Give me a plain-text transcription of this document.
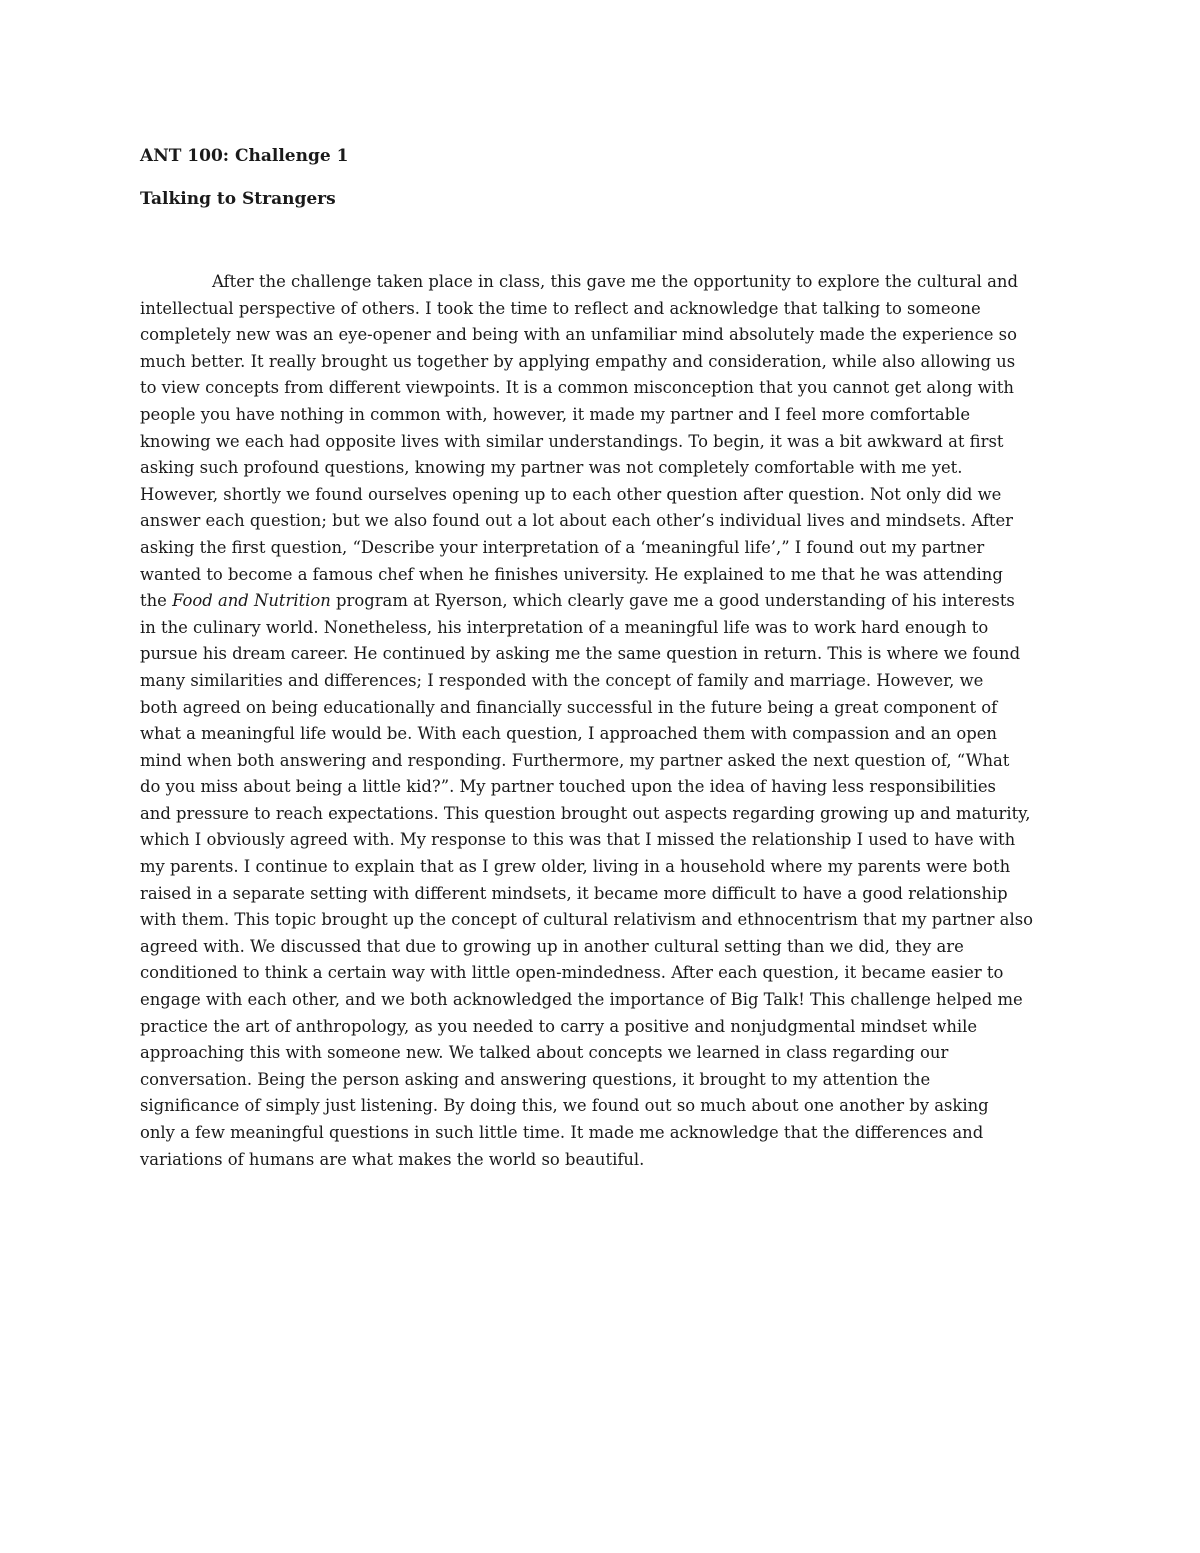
ANT 100: Challenge 1

Talking to Strangers

After the challenge taken place in class, this gave me the opportunity to explore the cultural and
intellectual perspective of others. I took the time to reflect and acknowledge that talking to someone
completely new was an eye-opener and being with an unfamiliar mind absolutely made the experience so
much better. It really brought us together by applying empathy and consideration, while also allowing us
to view concepts from different viewpoints. It is a common misconception that you cannot get along with
people you have nothing in common with, however, it made my partner and I feel more comfortable
knowing we each had opposite lives with similar understandings. To begin, it was a bit awkward at first
asking such profound questions, knowing my partner was not completely comfortable with me yet.
However, shortly we found ourselves opening up to each other question after question. Not only did we
answer each question; but we also found out a lot about each other’s individual lives and mindsets. After
asking the first question, “Describe your interpretation of a ‘meaningful life’,” I found out my partner
wanted to become a famous chef when he finishes university. He explained to me that he was attending
the Food and Nutrition program at Ryerson, which clearly gave me a good understanding of his interests
in the culinary world. Nonetheless, his interpretation of a meaningful life was to work hard enough to
pursue his dream career. He continued by asking me the same question in return. This is where we found
many similarities and differences; I responded with the concept of family and marriage. However, we
both agreed on being educationally and financially successful in the future being a great component of
what a meaningful life would be. With each question, I approached them with compassion and an open
mind when both answering and responding. Furthermore, my partner asked the next question of, “What
do you miss about being a little kid?”. My partner touched upon the idea of having less responsibilities
and pressure to reach expectations. This question brought out aspects regarding growing up and maturity,
which I obviously agreed with. My response to this was that I missed the relationship I used to have with
my parents. I continue to explain that as I grew older, living in a household where my parents were both
raised in a separate setting with different mindsets, it became more difficult to have a good relationship
with them. This topic brought up the concept of cultural relativism and ethnocentrism that my partner also
agreed with. We discussed that due to growing up in another cultural setting than we did, they are
conditioned to think a certain way with little open-mindedness. After each question, it became easier to
engage with each other, and we both acknowledged the importance of Big Talk! This challenge helped me
practice the art of anthropology, as you needed to carry a positive and nonjudgmental mindset while
approaching this with someone new. We talked about concepts we learned in class regarding our
conversation. Being the person asking and answering questions, it brought to my attention the
significance of simply just listening. By doing this, we found out so much about one another by asking
only a few meaningful questions in such little time. It made me acknowledge that the differences and
variations of humans are what makes the world so beautiful.
